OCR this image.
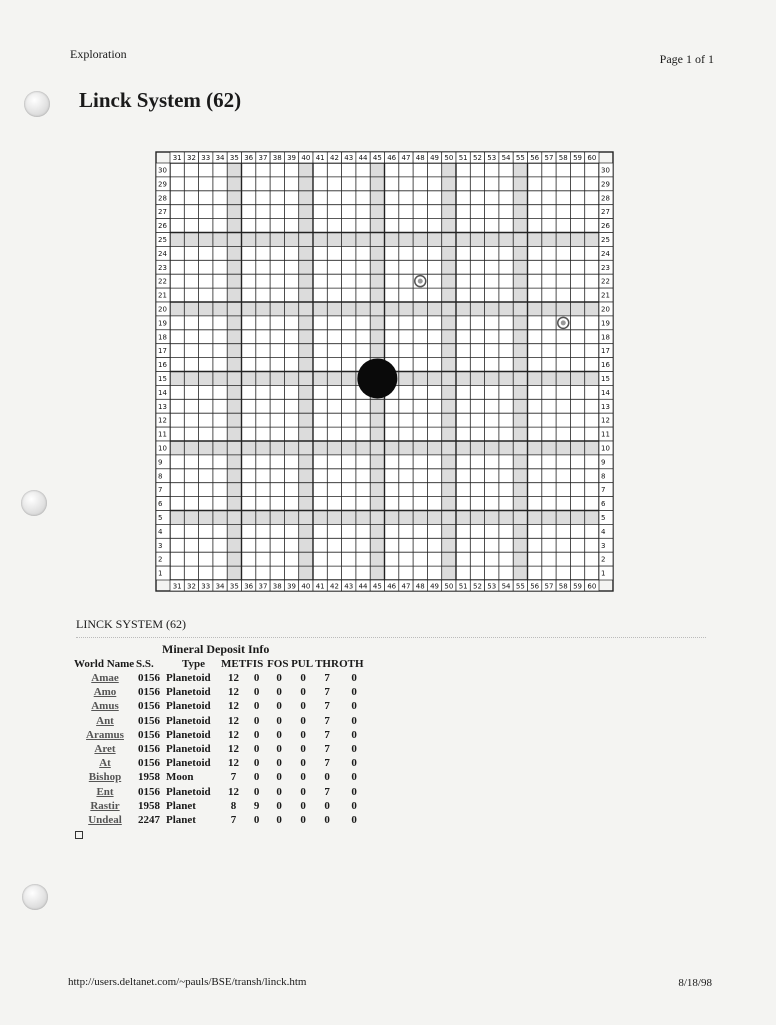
Exploration	Page 1 of 1
Linck System (62)
31
31
32
32
33
33
34
34
35
35
36
36
37
37
38
38
39
39
40
40
41
41
42
42
43
43
44
44
45
45
46
46
47
47
48
48
49
49
50
50
51
51
52
52
53
53
54
54
55
55
56
56
57
57
58
58
59
59
60
60
30	30
29	29
28	28
27	27
26	26
25	25
24	24
23	23
22	22
21	21
20	20
19	19
18	18
17	17
16	16
15	15
14	14
13	13
12	12
11	11
10	10
9	9
8	8
7	7
6	6
5	5
4	4
3	3
2	2
1	1
LINCK SYSTEM (62)
Mineral Deposit Info
World Name	S.S.	Type	MET	FIS	FOS	PUL	THR	OTH
Amae	0156	Planetoid	12	0	0	0	7	0
Amo	0156	Planetoid	12	0	0	0	7	0
Amus	0156	Planetoid	12	0	0	0	7	0
Ant	0156	Planetoid	12	0	0	0	7	0
Aramus	0156	Planetoid	12	0	0	0	7	0
Aret	0156	Planetoid	12	0	0	0	7	0
At	0156	Planetoid	12	0	0	0	7	0
Bishop	1958	Moon	7	0	0	0	0	0
Ent	0156	Planetoid	12	0	0	0	7	0
Rastir	1958	Planet	8	9	0	0	0	0
Undeal	2247	Planet	7	0	0	0	0	0
http://users.deltanet.com/~pauls/BSE/transh/linck.htm	8/18/98
